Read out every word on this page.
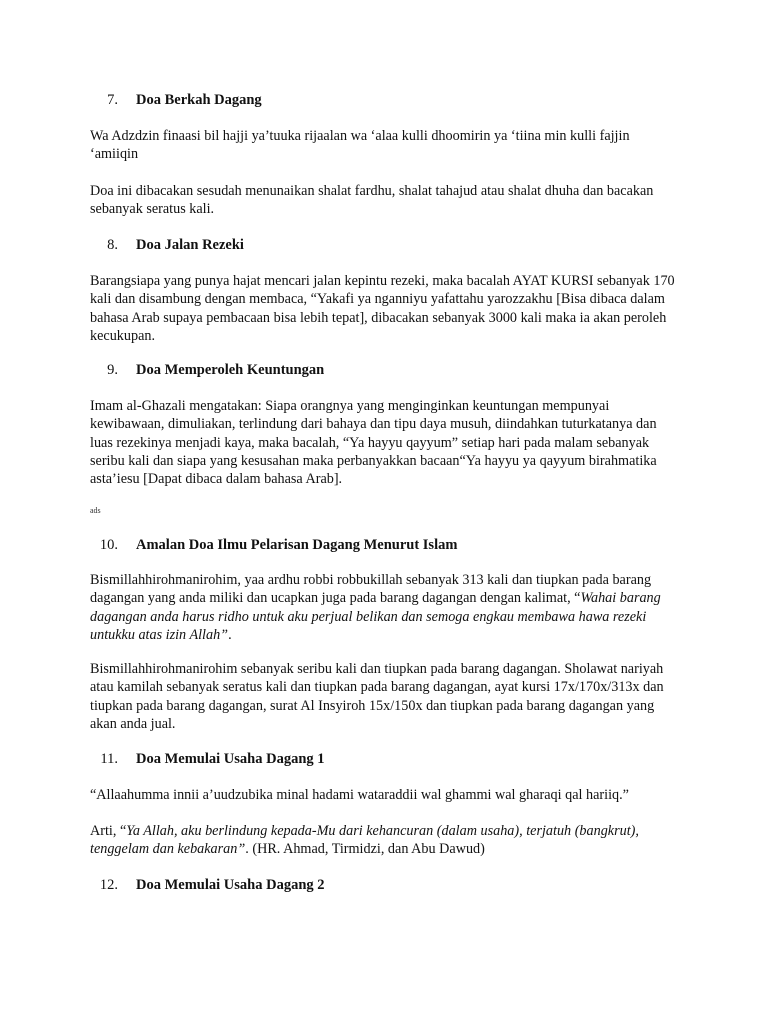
7. Doa Berkah Dagang

Wa Adzdzin finaasi bil hajji ya’tuuka rijaalan wa ‘alaa kulli dhoomirin ya ‘tiina min kulli fajjin ‘amiiqin

Doa ini dibacakan sesudah menunaikan shalat fardhu, shalat tahajud atau shalat dhuha dan bacakan sebanyak seratus kali.

8. Doa Jalan Rezeki

Barangsiapa yang punya hajat mencari jalan kepintu rezeki, maka bacalah AYAT KURSI sebanyak 170 kali dan disambung dengan membaca, “Yakafi ya nganniyu yafattahu yarozzakhu [Bisa dibaca dalam bahasa Arab supaya pembacaan bisa lebih tepat], dibacakan sebanyak 3000 kali maka ia akan peroleh kecukupan.

9. Doa Memperoleh Keuntungan

Imam al-Ghazali mengatakan: Siapa orangnya yang menginginkan keuntungan mempunyai kewibawaan, dimuliakan, terlindung dari bahaya dan tipu daya musuh, diindahkan tuturkatanya dan luas rezekinya menjadi kaya, maka bacalah, “Ya hayyu qayyum” setiap hari pada malam sebanyak seribu kali dan siapa yang kesusahan maka perbanyakkan bacaan“Ya hayyu ya qayyum birahmatika asta’iesu [Dapat dibaca dalam bahasa Arab].

ads
10. Amalan Doa Ilmu Pelarisan Dagang Menurut Islam

Bismillahhirohmanirohim, yaa ardhu robbi robbukillah sebanyak 313 kali dan tiupkan pada barang dagangan yang anda miliki dan ucapkan juga pada barang dagangan dengan kalimat, “Wahai barang dagangan anda harus ridho untuk aku perjual belikan dan semoga engkau membawa hawa rezeki untukku atas izin Allah”.

Bismillahhirohmanirohim sebanyak seribu kali dan tiupkan pada barang dagangan. Sholawat nariyah atau kamilah sebanyak seratus kali dan tiupkan pada barang dagangan, ayat kursi 17x/170x/313x dan tiupkan pada barang dagangan, surat Al Insyiroh 15x/150x dan tiupkan pada barang dagangan yang akan anda jual.

11. Doa Memulai Usaha Dagang 1

“Allaahumma innii a’uudzubika minal hadami wataraddii wal ghammi wal gharaqi qal hariiq.”

Arti, “Ya Allah, aku berlindung kepada-Mu dari kehancuran (dalam usaha), terjatuh (bangkrut), tenggelam dan kebakaran”. (HR. Ahmad, Tirmidzi, dan Abu Dawud)

12. Doa Memulai Usaha Dagang 2
